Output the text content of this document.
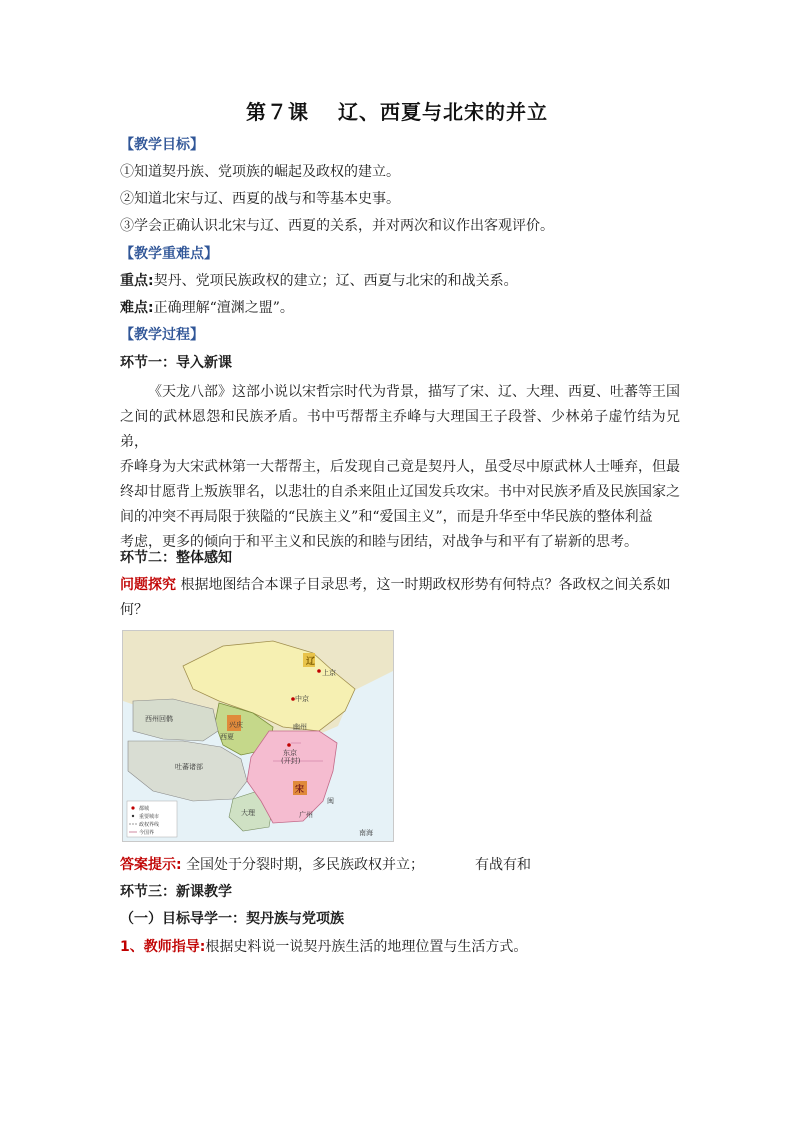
第７课　 辽、西夏与北宋的并立
【教学目标】
①知道契丹族、党项族的崛起及政权的建立。
②知道北宋与辽、西夏的战与和等基本史事。
③学会正确认识北宋与辽、西夏的关系，并对两次和议作出客观评价。
【教学重难点】
重点:契丹、党项民族政权的建立；辽、西夏与北宋的和战关系。
难点:正确理解“澶渊之盟”。
【教学过程】
环节一：导入新课

《天龙八部》这部小说以宋哲宗时代为背景，描写了宋、辽、大理、西夏、吐蕃等王国

之间的武林恩怨和民族矛盾。书中丐帮帮主乔峰与大理国王子段誉、少林弟子虚竹结为兄弟，

乔峰身为大宋武林第一大帮帮主，后发现自己竟是契丹人，虽受尽中原武林人士唾弃，但最

终却甘愿背上叛族罪名，以悲壮的自杀来阻止辽国发兵攻宋。书中对民族矛盾及民族国家之

间的冲突不再局限于狭隘的“民族主义”和“爱国主义”，而是升华至中华民族的整体利益

考虑，更多的倾向于和平主义和民族的和睦与团结，对战争与和平有了崭新的思考。

环节二：整体感知
问题探究 根据地图结合本课子目录思考，这一时期政权形势有何特点？各政权之间关系如
何？
辽
上京
中京
兴庆
西夏
西州回鹘
吐蕃诸部
大理
宋
东京
(开封)
幽州
广州
南海
闽
都城
重要城市
政权界线
今国界
答案提示: 全国处于分裂时期，多民族政权并立；	有战有和
环节三：新课教学
（一）目标导学一：契丹族与党项族
1、教师指导:根据史料说一说契丹族生活的地理位置与生活方式。
